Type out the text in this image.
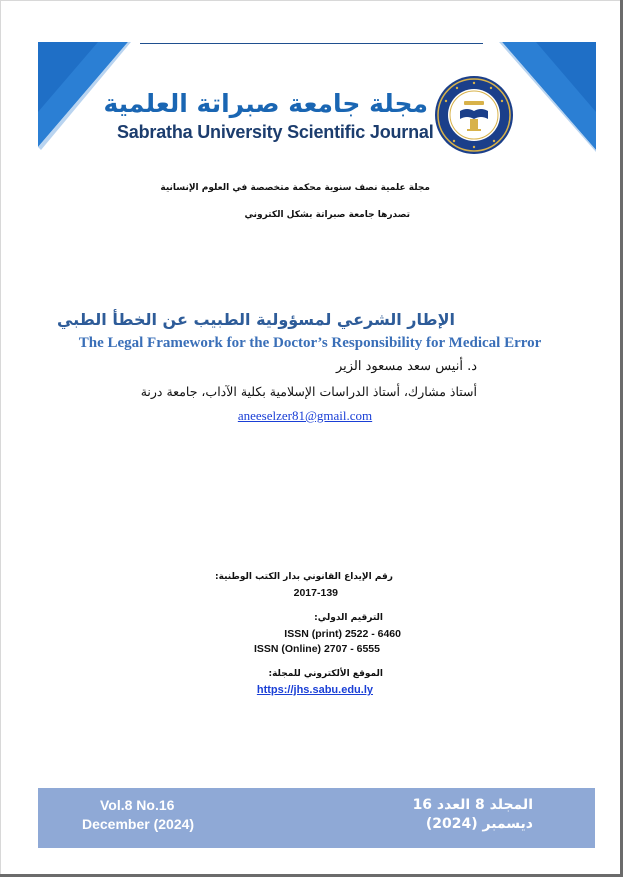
مجلة جامعة صبراتة العلمية
Sabratha University Scientific Journal
مجلة علمية نصف سنوية محكمة متخصصة في العلوم الإنسانية
تصدرها جامعة صبراتة بشكل الكتروني
الإطار الشرعي لمسؤولية الطبيب عن الخطأ الطبي
The Legal Framework for the Doctor’s Responsibility for Medical Error
د. أنيس سعد مسعود الزير
أستاذ مشارك، أستاذ الدراسات الإسلامية بكلية الآداب، جامعة درنة
aneeselzer81@gmail.com
رقم الإيداع القانوني بدار الكتب الوطنية:
2017-139
الترقيم الدولي:
ISSN (print) 2522 - 6460
ISSN (Online) 2707 - 6555
الموقع الألكتروني للمجلة:
https://jhs.sabu.edu.ly
Vol.8 No.16
December (2024)
المجلد 8 العدد 16
ديسمبر (2024)
